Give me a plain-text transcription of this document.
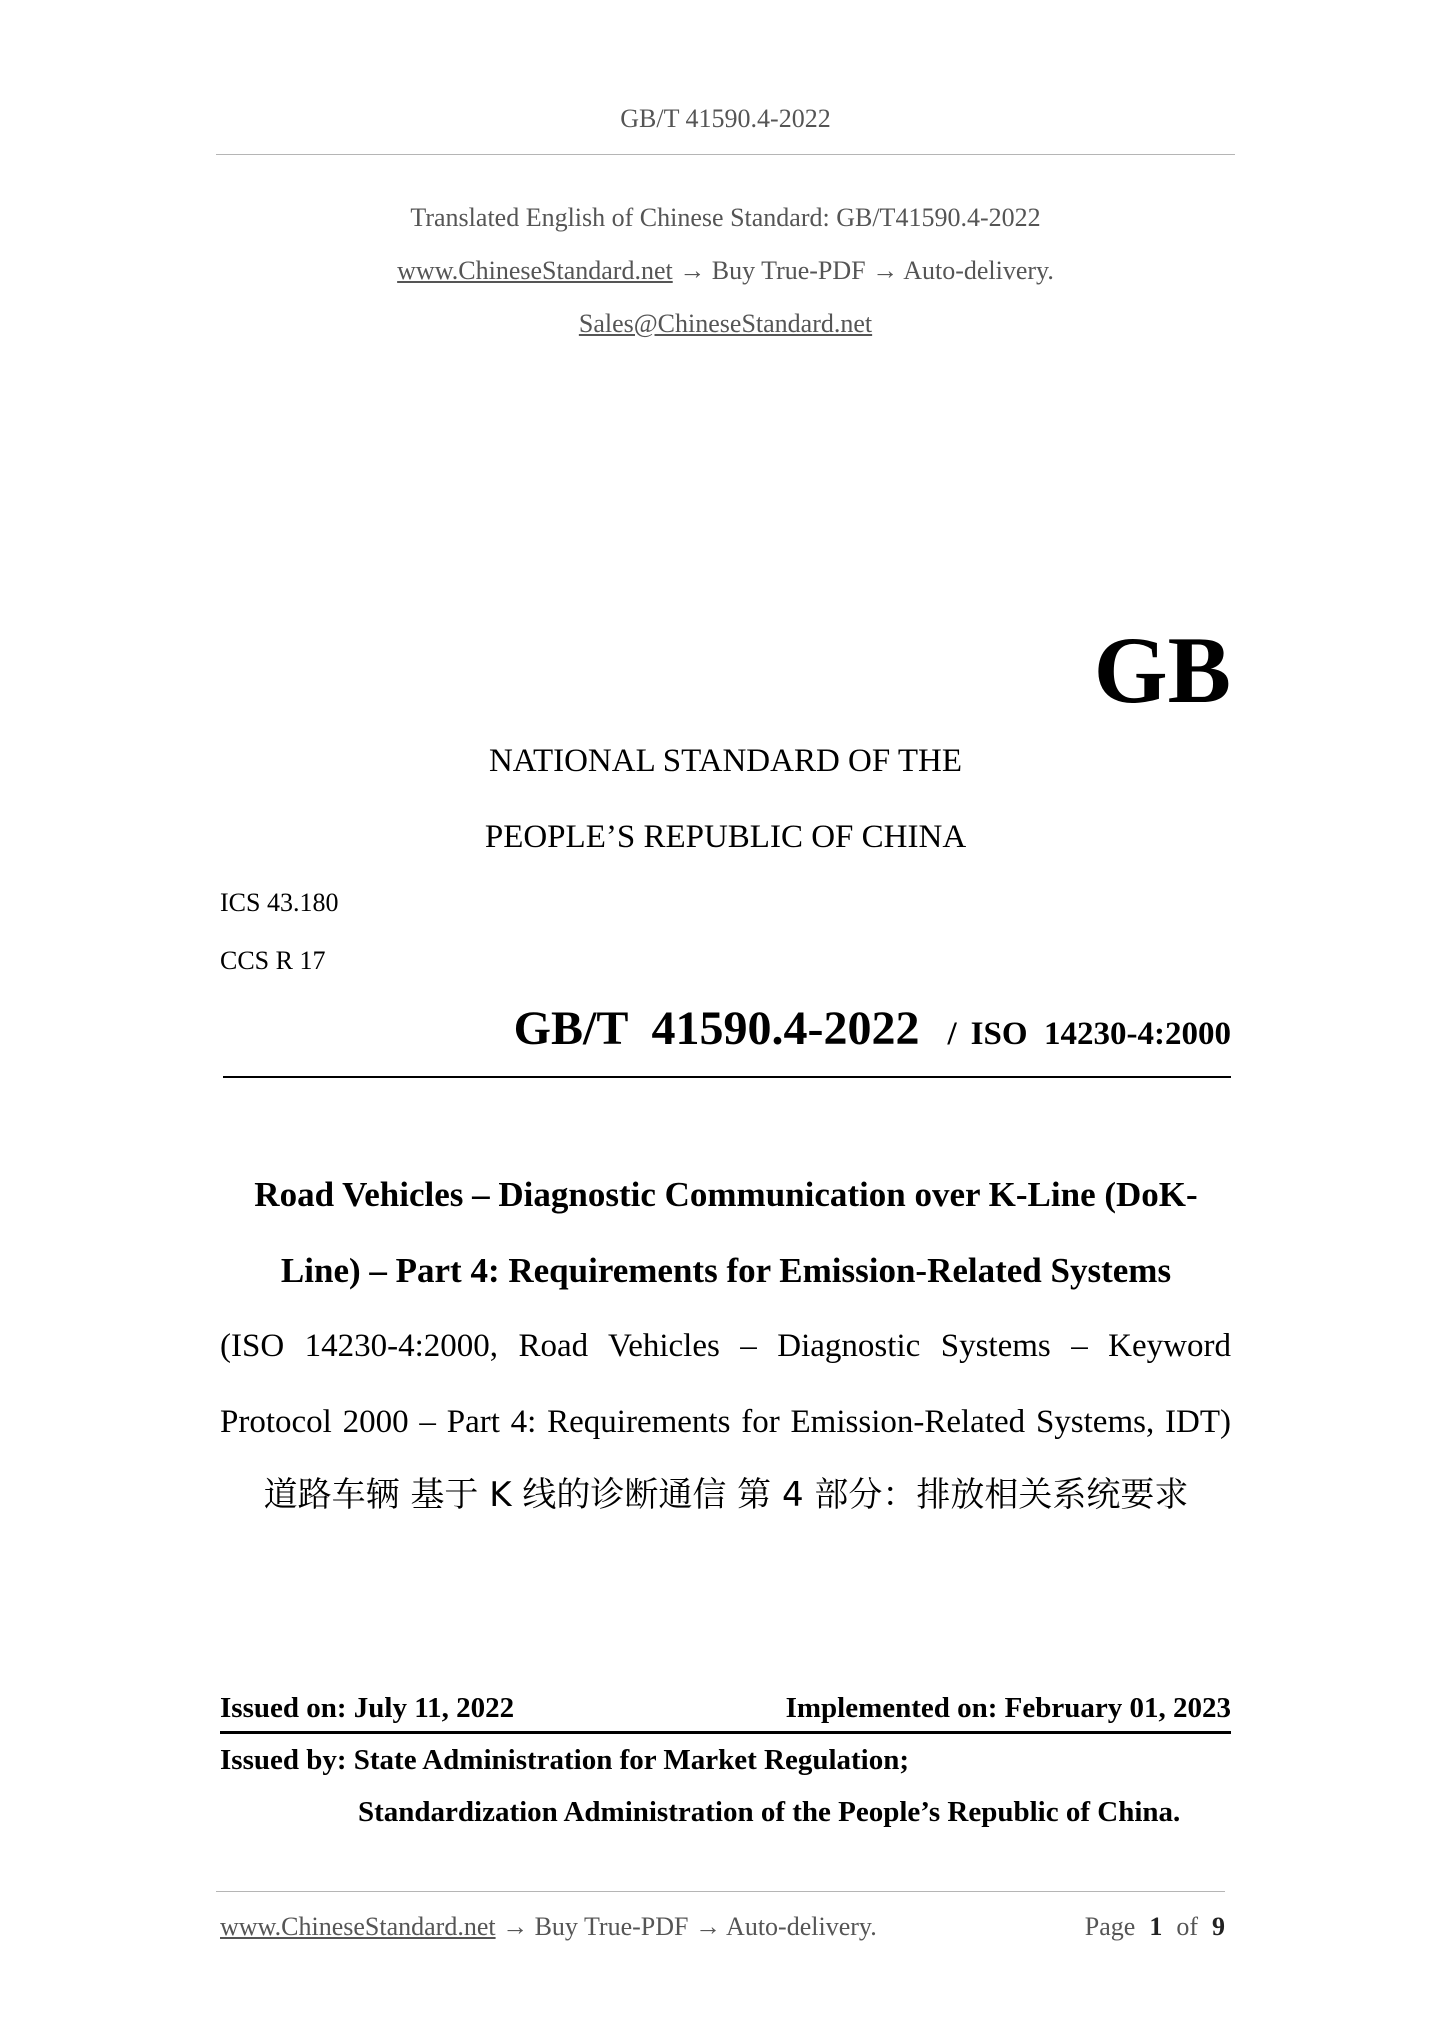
GB/T 41590.4-2022
Translated English of Chinese Standard: GB/T41590.4-2022
www.ChineseStandard.net → Buy True-PDF → Auto-delivery.
Sales@ChineseStandard.net
GB
NATIONAL STANDARD OF THE
PEOPLE’S REPUBLIC OF CHINA
ICS 43.180
CCS R 17
GB/T  41590.4-2022 / ISO  14230-4:2000
Road Vehicles – Diagnostic Communication over K-Line (DoK-
Line) – Part 4: Requirements for Emission-Related Systems
(ISO 14230-4:2000, Road Vehicles – Diagnostic Systems – Keyword
Protocol 2000 – Part 4: Requirements for Emission-Related Systems, IDT)
道路车辆 基于 K 线的诊断通信 第 4 部分：排放相关系统要求
Issued on: July 11, 2022	Implemented on: February 01, 2023
Issued by: State Administration for Market Regulation;
Standardization Administration of the People’s Republic of China.
www.ChineseStandard.net → Buy True-PDF → Auto-delivery.	Page 1 of 9
